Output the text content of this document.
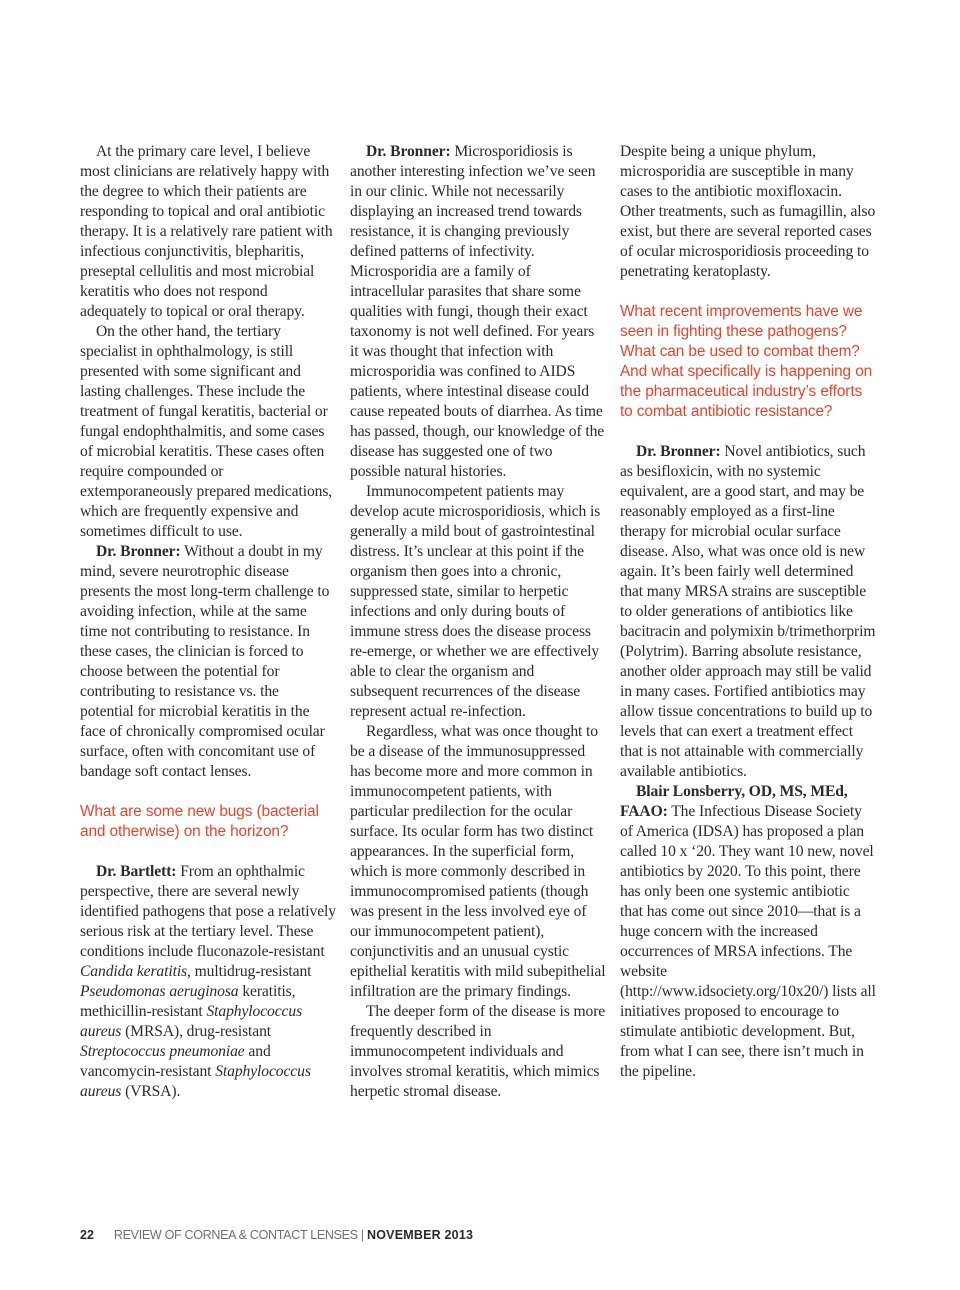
At the primary care level, I believe most clinicians are relatively happy with the degree to which their patients are responding to topical and oral antibiotic therapy. It is a relatively rare patient with infectious conjunctivitis, blepharitis, preseptal cellulitis and most microbial keratitis who does not respond adequately to topical or oral therapy.

On the other hand, the tertiary specialist in ophthalmology, is still presented with some significant and lasting challenges. These include the treatment of fungal keratitis, bacterial or fungal endophthalmitis, and some cases of microbial keratitis. These cases often require compounded or extemporaneously prepared medications, which are frequently expensive and sometimes difficult to use.

Dr. Bronner: Without a doubt in my mind, severe neurotrophic disease presents the most long-term challenge to avoiding infection, while at the same time not contributing to resistance. In these cases, the clinician is forced to choose between the potential for contributing to resistance vs. the potential for microbial keratitis in the face of chronically compromised ocular surface, often with concomitant use of bandage soft contact lenses.

What are some new bugs (bacterial and otherwise) on the horizon?

Dr. Bartlett: From an ophthalmic perspective, there are several newly identified pathogens that pose a relatively serious risk at the tertiary level. These conditions include fluconazole-resistant Candida keratitis, multidrug-resistant Pseudomonas aeruginosa keratitis, methicillin-resistant Staphylococcus aureus (MRSA), drug-resistant Streptococcus pneumoniae and vancomycin-resistant Staphylococcus aureus (VRSA).

Dr. Bronner: Microsporidiosis is another interesting infection we’ve seen in our clinic. While not necessarily displaying an increased trend towards resistance, it is changing previously defined patterns of infectivity. Microsporidia are a family of intracellular parasites that share some qualities with fungi, though their exact taxonomy is not well defined. For years it was thought that infection with microsporidia was confined to AIDS patients, where intestinal disease could cause repeated bouts of diarrhea. As time has passed, though, our knowledge of the disease has suggested one of two possible natural histories.

Immunocompetent patients may develop acute microsporidiosis, which is generally a mild bout of gastrointestinal distress. It’s unclear at this point if the organism then goes into a chronic, suppressed state, similar to herpetic infections and only during bouts of immune stress does the disease process re-emerge, or whether we are effectively able to clear the organism and subsequent recurrences of the disease represent actual re-infection.

Regardless, what was once thought to be a disease of the immunosuppressed has become more and more common in immunocompetent patients, with particular predilection for the ocular surface. Its ocular form has two distinct appearances. In the superficial form, which is more commonly described in immunocompromised patients (though was present in the less involved eye of our immunocompetent patient), conjunctivitis and an unusual cystic epithelial keratitis with mild subepithelial infiltration are the primary findings.

The deeper form of the disease is more frequently described in immunocompetent individuals and involves stromal keratitis, which mimics herpetic stromal disease.

Despite being a unique phylum, microsporidia are susceptible in many cases to the antibiotic moxifloxacin. Other treatments, such as fumagillin, also exist, but there are several reported cases of ocular microsporidiosis proceeding to penetrating keratoplasty.

What recent improvements have we seen in fighting these pathogens? What can be used to combat them? And what specifically is happening on the pharmaceutical industry’s efforts to combat antibiotic resistance?

Dr. Bronner: Novel antibiotics, such as besifloxicin, with no systemic equivalent, are a good start, and may be reasonably employed as a first-line therapy for microbial ocular surface disease. Also, what was once old is new again. It’s been fairly well determined that many MRSA strains are susceptible to older generations of antibiotics like bacitracin and polymixin b/trimethorprim (Polytrim). Barring absolute resistance, another older approach may still be valid in many cases. Fortified antibiotics may allow tissue concentrations to build up to levels that can exert a treatment effect that is not attainable with commercially available antibiotics.

Blair Lonsberry, OD, MS, MEd, FAAO: The Infectious Disease Society of America (IDSA) has proposed a plan called 10 x ‘20. They want 10 new, novel antibiotics by 2020. To this point, there has only been one systemic antibiotic that has come out since 2010—that is a huge concern with the increased occurrences of MRSA infections. The website (http://www.idsociety.org/10x20/) lists all initiatives proposed to encourage to stimulate antibiotic development. But, from what I can see, there isn’t much in the pipeline.

22 REVIEW OF CORNEA & CONTACT LENSES | NOVEMBER 2013
